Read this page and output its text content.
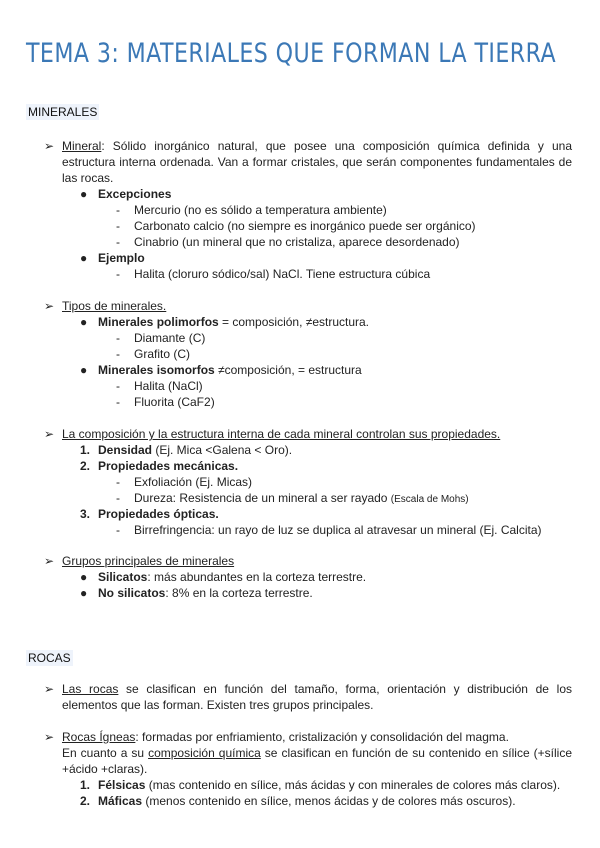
TEMA 3: MATERIALES QUE FORMAN LA TIERRA
MINERALES
➢ Mineral: Sólido inorgánico natural, que posee una composición química definida y una estructura interna ordenada. Van a formar cristales, que serán componentes fundamentales de las rocas.
● Excepciones
- Mercurio (no es sólido a temperatura ambiente)
- Carbonato calcio (no siempre es inorgánico puede ser orgánico)
- Cinabrio (un mineral que no cristaliza, aparece desordenado)
● Ejemplo
- Halita (cloruro sódico/sal) NaCl. Tiene estructura cúbica
➢ Tipos de minerales.
● Minerales polimorfos = composición, ≠estructura.
- Diamante (C)
- Grafito (C)
● Minerales isomorfos ≠composición, = estructura
- Halita (NaCl)
- Fluorita (CaF2)
➢ La composición y la estructura interna de cada mineral controlan sus propiedades.
1. Densidad (Ej. Mica <Galena < Oro).
2. Propiedades mecánicas.
- Exfoliación (Ej. Micas)
- Dureza: Resistencia de un mineral a ser rayado (Escala de Mohs)
3. Propiedades ópticas.
- Birrefringencia: un rayo de luz se duplica al atravesar un mineral (Ej. Calcita)
➢ Grupos principales de minerales
● Silicatos: más abundantes en la corteza terrestre.
● No silicatos: 8% en la corteza terrestre.
ROCAS
➢ Las rocas se clasifican en función del tamaño, forma, orientación y distribución de los elementos que las forman. Existen tres grupos principales.
➢ Rocas Ígneas: formadas por enfriamiento, cristalización y consolidación del magma.
En cuanto a su composición química se clasifican en función de su contenido en sílice (+sílice +ácido +claras).
1. Félsicas (mas contenido en sílice, más ácidas y con minerales de colores más claros).
2. Máficas (menos contenido en sílice, menos ácidas y de colores más oscuros).
